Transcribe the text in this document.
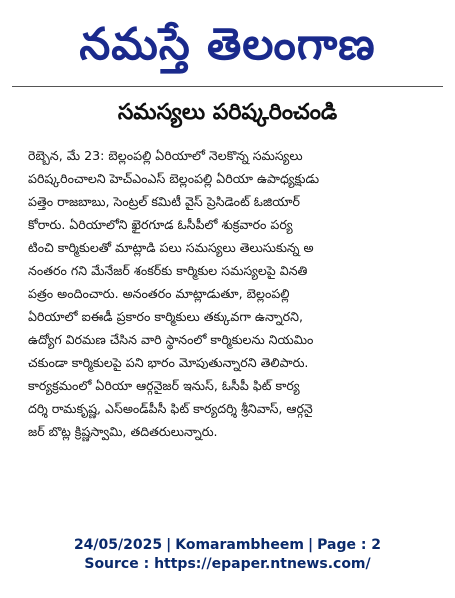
నమస్తే తెలంగాణ
సమస్యలు పరిష్కరించండి
రెబ్బెన, మే 23: బెల్లంపల్లి ఏరియాలో నెలకొన్న సమస్యలు
పరిష్కరించాలని హెచ్‌ఎంఎస్ బెల్లంపల్లి ఏరియా ఉపాధ్యక్షుడు
పత్తెం రాజబాబు, సెంట్రల్ కమిటీ వైస్ ప్రెసిడెంట్ ఓజియార్
కోరారు. ఏరియాలోని ఖైరగూడ ఓసీపీలో శుక్రవారం పర్య
టించి కార్మికులతో మాట్లాడి పలు సమస్యలు తెలుసుకున్న అ
నంతరం గని మేనేజర్ శంకర్‌కు కార్మికుల సమస్యలపై వినతి
పత్రం అందించారు. అనంతరం మాట్లాడుతూ, బెల్లంపల్లి
ఏరియాలో ఐఈడీ ప్రకారం కార్మికులు తక్కువగా ఉన్నారని,
ఉద్యోగ విరమణ చేసిన వారి స్థానంలో కార్మికులను నియమిం
చకుండా కార్మికులపై పని భారం మోపుతున్నారని తెలిపారు.
కార్యక్రమంలో ఏరియా ఆర్గనైజర్ ఇనుస్, ఓసీపీ ఫిట్ కార్య
దర్శి రామకృష్ణ, ఎస్అండ్‌పీసీ ఫిట్ కార్యదర్శి శ్రీనివాస్, ఆర్గనై
జర్ బొట్ల క్రిష్ణస్వామి, తదితరులున్నారు.
24/05/2025 | Komarambheem | Page : 2
Source : https://epaper.ntnews.com/
